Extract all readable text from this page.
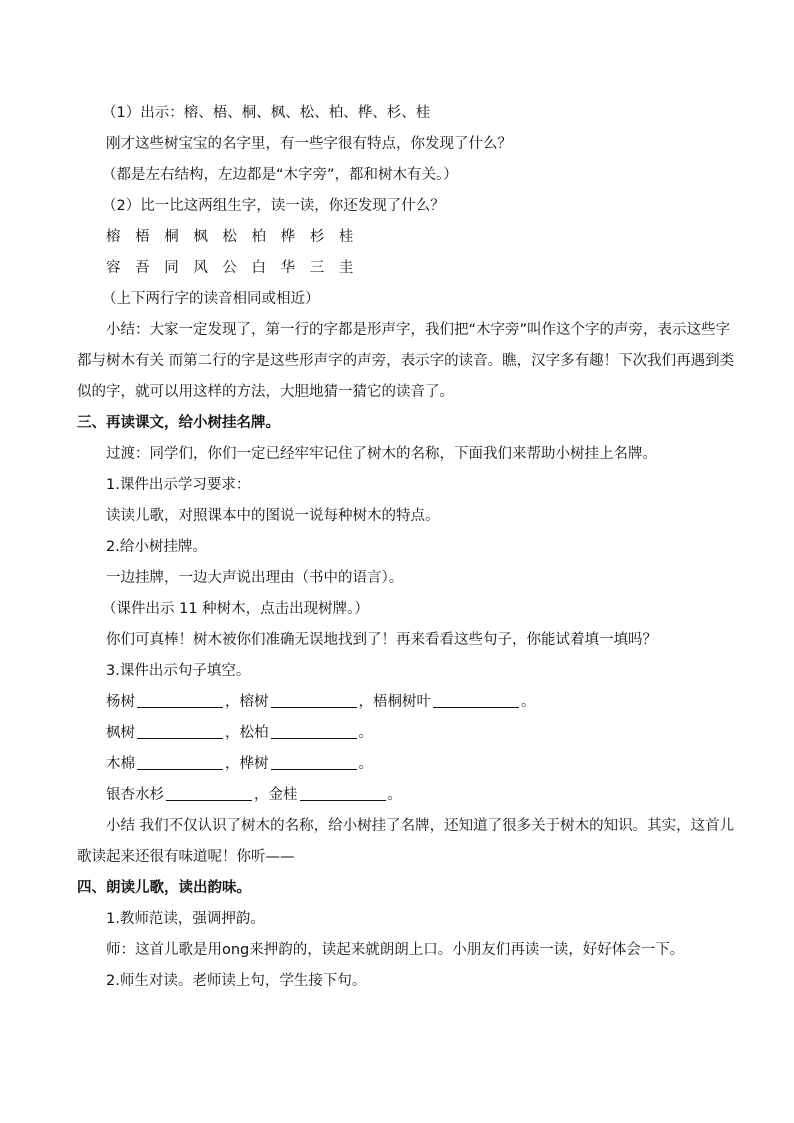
（1）出示：榕、梧、桐、枫、松、柏、桦、杉、桂
刚才这些树宝宝的名字里，有一些字很有特点，你发现了什么？
（都是左右结构，左边都是“木字旁”，都和树木有关。）
（2）比一比这两组生字，读一读，你还发现了什么？
榕 梧 桐 枫 松 柏 桦 杉 桂
容 吾 同 风 公 白 华 三 圭
（上下两行字的读音相同或相近）
小结：大家一定发现了，第一行的字都是形声字，我们把“木字旁”叫作这个字的声旁，表示这些字都与树木有关 而第二行的字是这些形声字的声旁，表示字的读音。瞧，汉字多有趣！下次我们再遇到类似的字，就可以用这样的方法，大胆地猜一猜它的读音了。
三、再读课文，给小树挂名牌。
过渡：同学们，你们一定已经牢牢记住了树木的名称，下面我们来帮助小树挂上名牌。
1.课件出示学习要求：
读读儿歌，对照课本中的图说一说每种树木的特点。
2.给小树挂牌。
一边挂牌，一边大声说出理由（书中的语言）。
（课件出示 11 种树木，点击出现树牌。）
你们可真棒！树木被你们准确无误地找到了！再来看看这些句子，你能试着填一填吗？
3.课件出示句子填空。
杨树	，榕树	，梧桐树叶	。
枫树	，松柏	。
木棉	，桦树	。
银杏水杉	，金桂	。
小结 我们不仅认识了树木的名称，给小树挂了名牌，还知道了很多关于树木的知识。其实，这首儿歌读起来还很有味道呢！你听——
四、朗读儿歌，读出韵味。
1.教师范读，强调押韵。
师：这首儿歌是用ong来押韵的，读起来就朗朗上口。小朋友们再读一读，好好体会一下。
2.师生对读。老师读上句，学生接下句。
